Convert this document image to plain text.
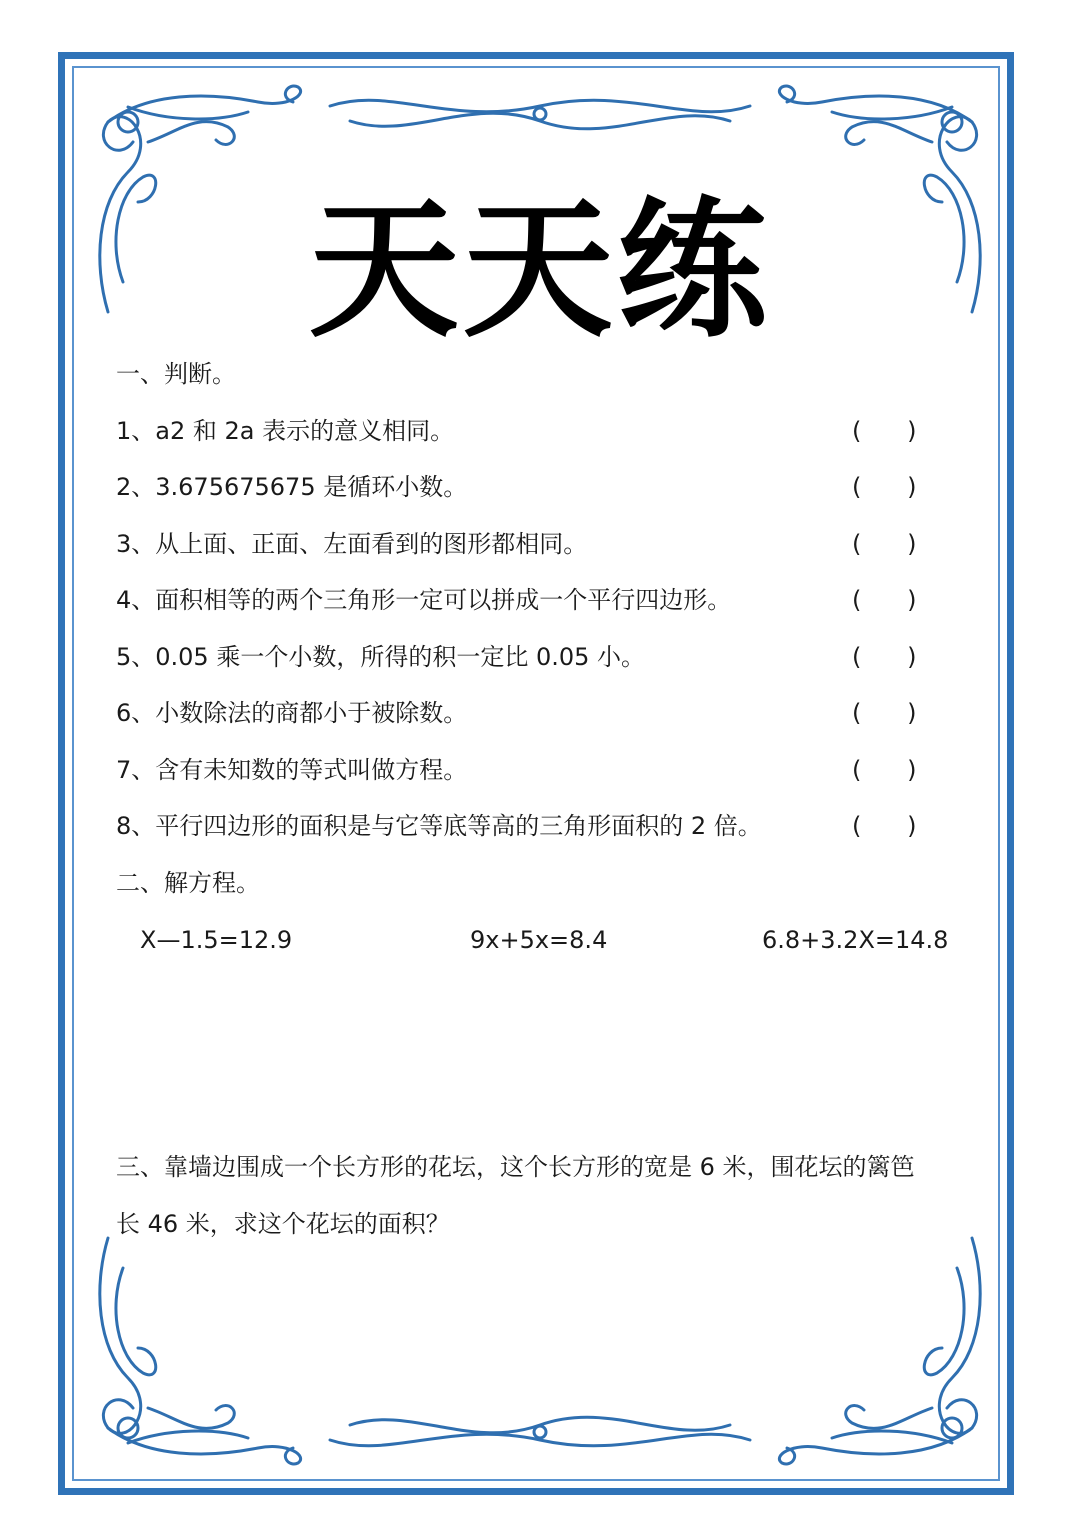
天天练
一、判断。
1、a2 和 2a 表示的意义相同。	(      )
2、3.675675675 是循环小数。	(      )
3、从上面、正面、左面看到的图形都相同。	(      )
4、面积相等的两个三角形一定可以拼成一个平行四边形。	(      )
5、0.05 乘一个小数，所得的积一定比 0.05 小。	(      )
6、小数除法的商都小于被除数。	(      )
7、含有未知数的等式叫做方程。	(      )
8、平行四边形的面积是与它等底等高的三角形面积的 2 倍。	(      )
二、解方程。
X—1.5=12.9	9x+5x=8.4	6.8+3.2X=14.8
三、靠墙边围成一个长方形的花坛，这个长方形的宽是 6 米，围花坛的篱笆
长 46 米，求这个花坛的面积？
